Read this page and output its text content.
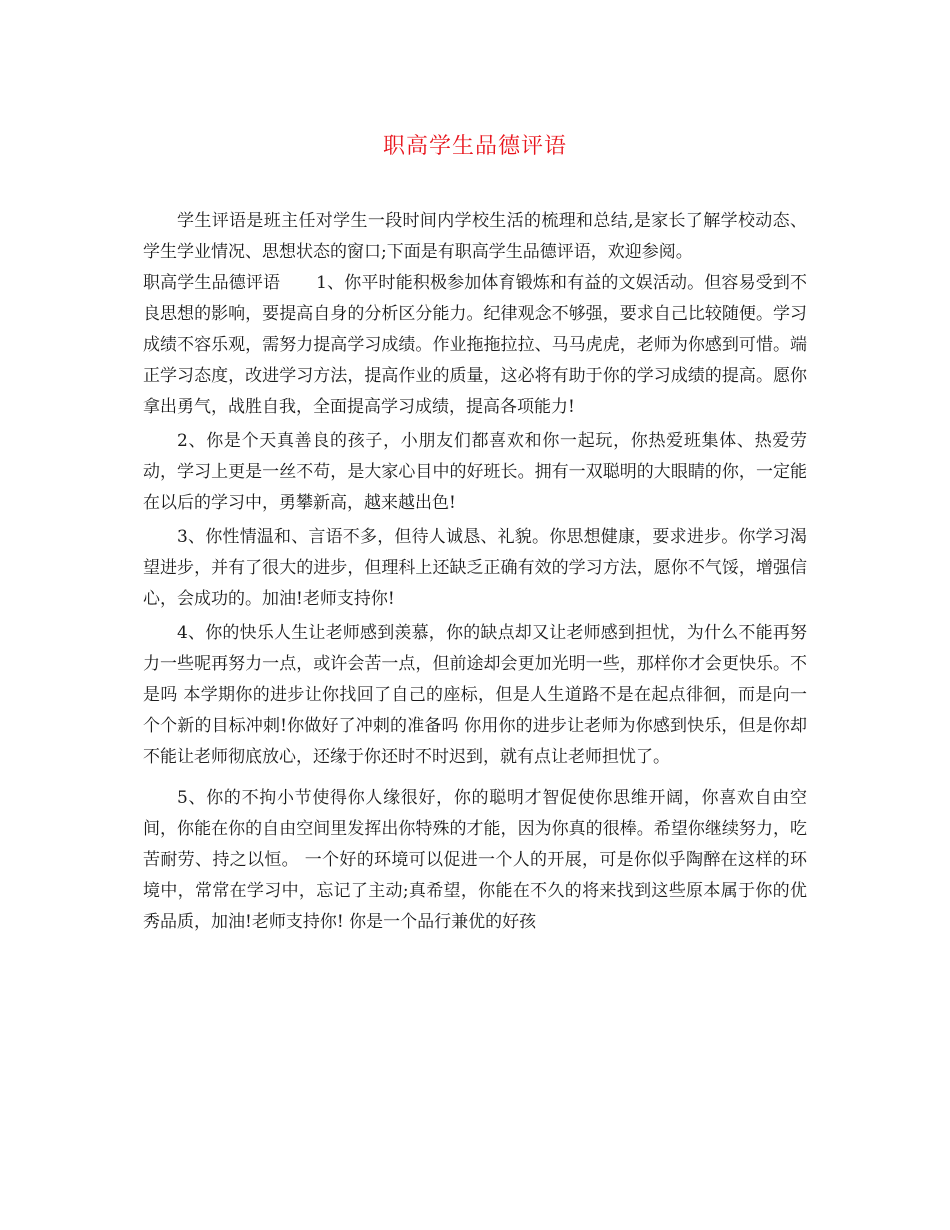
职高学生品德评语

学生评语是班主任对学生一段时间内学校生活的梳理和总结,是家长了解学校动态、学生学业情况、思想状态的窗口;下面是有职高学生品德评语，欢迎参阅。

职高学生品德评语 1、你平时能积极参加体育锻炼和有益的文娱活动。但容易受到不良思想的影响，要提高自身的分析区分能力。纪律观念不够强，要求自己比较随便。学习成绩不容乐观，需努力提高学习成绩。作业拖拖拉拉、马马虎虎，老师为你感到可惜。端正学习态度，改进学习方法，提高作业的质量，这必将有助于你的学习成绩的提高。愿你拿出勇气，战胜自我，全面提高学习成绩，提高各项能力!

2、你是个天真善良的孩子，小朋友们都喜欢和你一起玩，你热爱班集体、热爱劳动，学习上更是一丝不苟，是大家心目中的好班长。拥有一双聪明的大眼睛的你，一定能在以后的学习中，勇攀新高，越来越出色!

3、你性情温和、言语不多，但待人诚恳、礼貌。你思想健康，要求进步。你学习渴望进步，并有了很大的进步，但理科上还缺乏正确有效的学习方法，愿你不气馁，增强信心，会成功的。加油!老师支持你!

4、你的快乐人生让老师感到羡慕，你的缺点却又让老师感到担忧，为什么不能再努力一些呢再努力一点，或许会苦一点，但前途却会更加光明一些，那样你才会更快乐。不是吗 本学期你的进步让你找回了自己的座标，但是人生道路不是在起点徘徊，而是向一个个新的目标冲刺!你做好了冲刺的准备吗 你用你的进步让老师为你感到快乐，但是你却不能让老师彻底放心，还缘于你还时不时迟到，就有点让老师担忧了。

5、你的不拘小节使得你人缘很好，你的聪明才智促使你思维开阔，你喜欢自由空间，你能在你的自由空间里发挥出你特殊的才能，因为你真的很棒。希望你继续努力，吃苦耐劳、持之以恒。 一个好的环境可以促进一个人的开展，可是你似乎陶醉在这样的环境中，常常在学习中，忘记了主动;真希望，你能在不久的将来找到这些原本属于你的优秀品质，加油!老师支持你! 你是一个品行兼优的好孩
